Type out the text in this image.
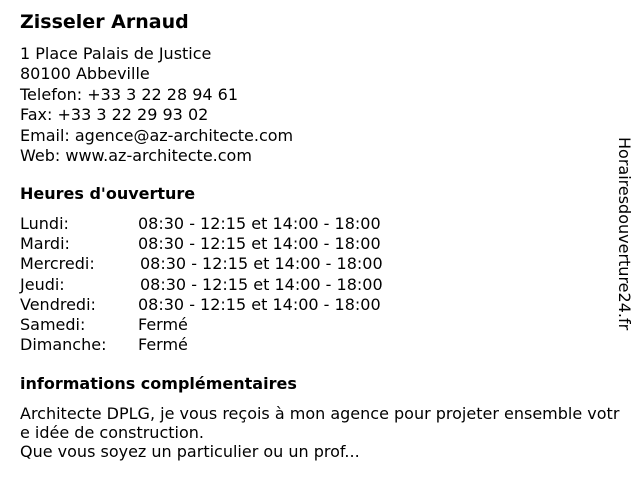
Zisseler Arnaud
1 Place Palais de Justice
80100 Abbeville
Telefon: +33 3 22 28 94 61
Fax: +33 3 22 29 93 02
Email: agence@az-architecte.com
Web: www.az-architecte.com
Heures d'ouverture
Lundi:	08:30 - 12:15 et 14:00 - 18:00
Mardi:	08:30 - 12:15 et 14:00 - 18:00
Mercredi:	08:30 - 12:15 et 14:00 - 18:00
Jeudi:	08:30 - 12:15 et 14:00 - 18:00
Vendredi:	08:30 - 12:15 et 14:00 - 18:00
Samedi:	Fermé
Dimanche: Fermé
informations complémentaires
Architecte DPLG, je vous reçois à mon agence pour projeter ensemble votre idée de construction.
Que vous soyez un particulier ou un prof...
Horairesdouverture24.fr
